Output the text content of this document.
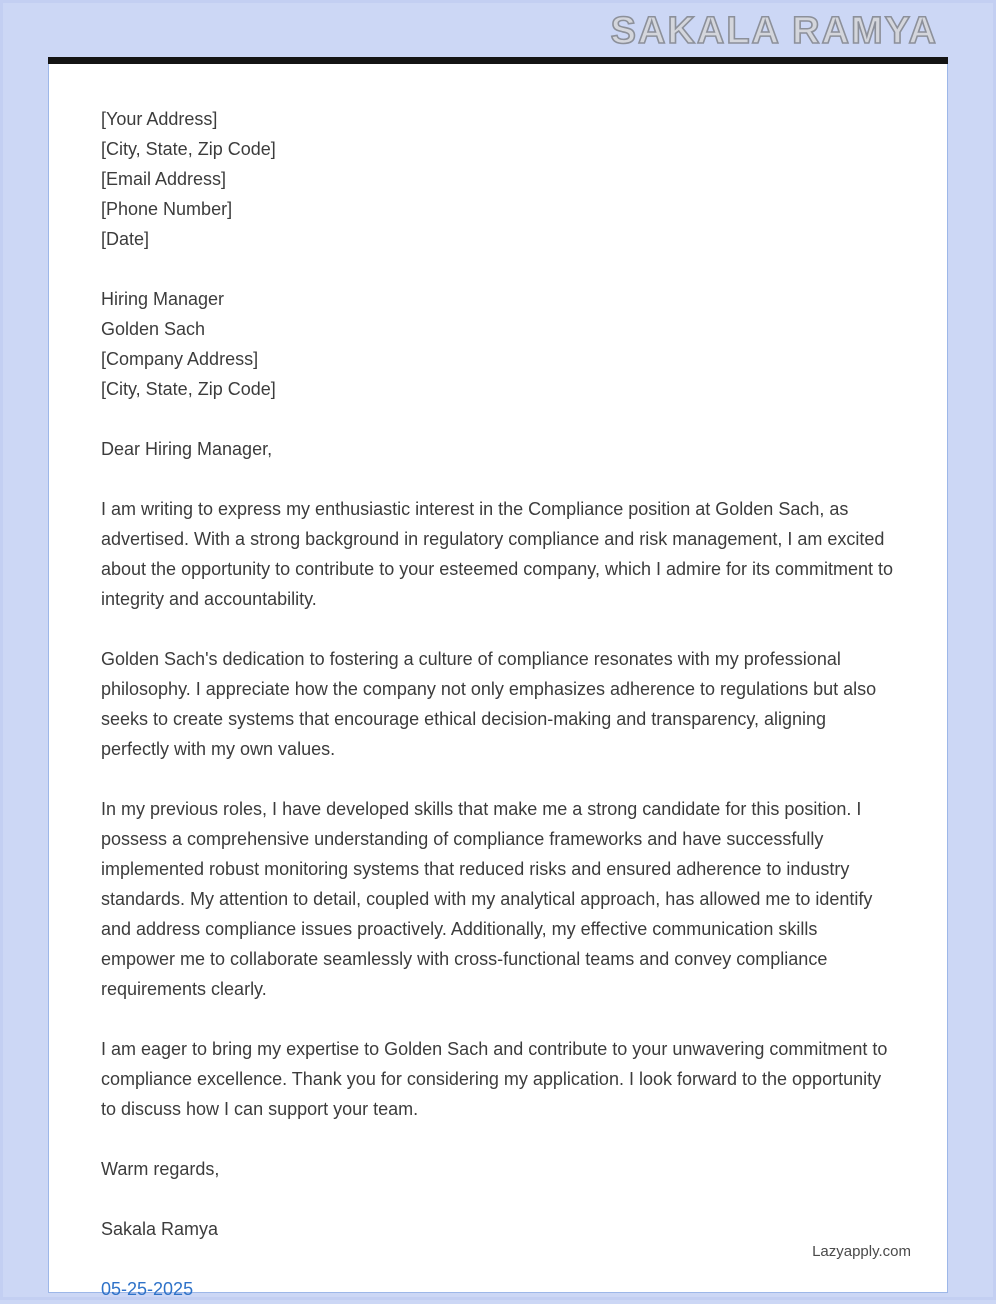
SAKALA RAMYA
[Your Address]
[City, State, Zip Code]
[Email Address]
[Phone Number]
[Date]
Hiring Manager
Golden Sach
[Company Address]
[City, State, Zip Code]
Dear Hiring Manager,
I am writing to express my enthusiastic interest in the Compliance position at Golden Sach, as advertised. With a strong background in regulatory compliance and risk management, I am excited about the opportunity to contribute to your esteemed company, which I admire for its commitment to integrity and accountability.
Golden Sach's dedication to fostering a culture of compliance resonates with my professional philosophy. I appreciate how the company not only emphasizes adherence to regulations but also seeks to create systems that encourage ethical decision-making and transparency, aligning perfectly with my own values.
In my previous roles, I have developed skills that make me a strong candidate for this position. I possess a comprehensive understanding of compliance frameworks and have successfully implemented robust monitoring systems that reduced risks and ensured adherence to industry standards. My attention to detail, coupled with my analytical approach, has allowed me to identify and address compliance issues proactively. Additionally, my effective communication skills empower me to collaborate seamlessly with cross-functional teams and convey compliance requirements clearly.
I am eager to bring my expertise to Golden Sach and contribute to your unwavering commitment to compliance excellence. Thank you for considering my application. I look forward to the opportunity to discuss how I can support your team.
Warm regards,
Sakala Ramya
05-25-2025
Lazyapply.com
